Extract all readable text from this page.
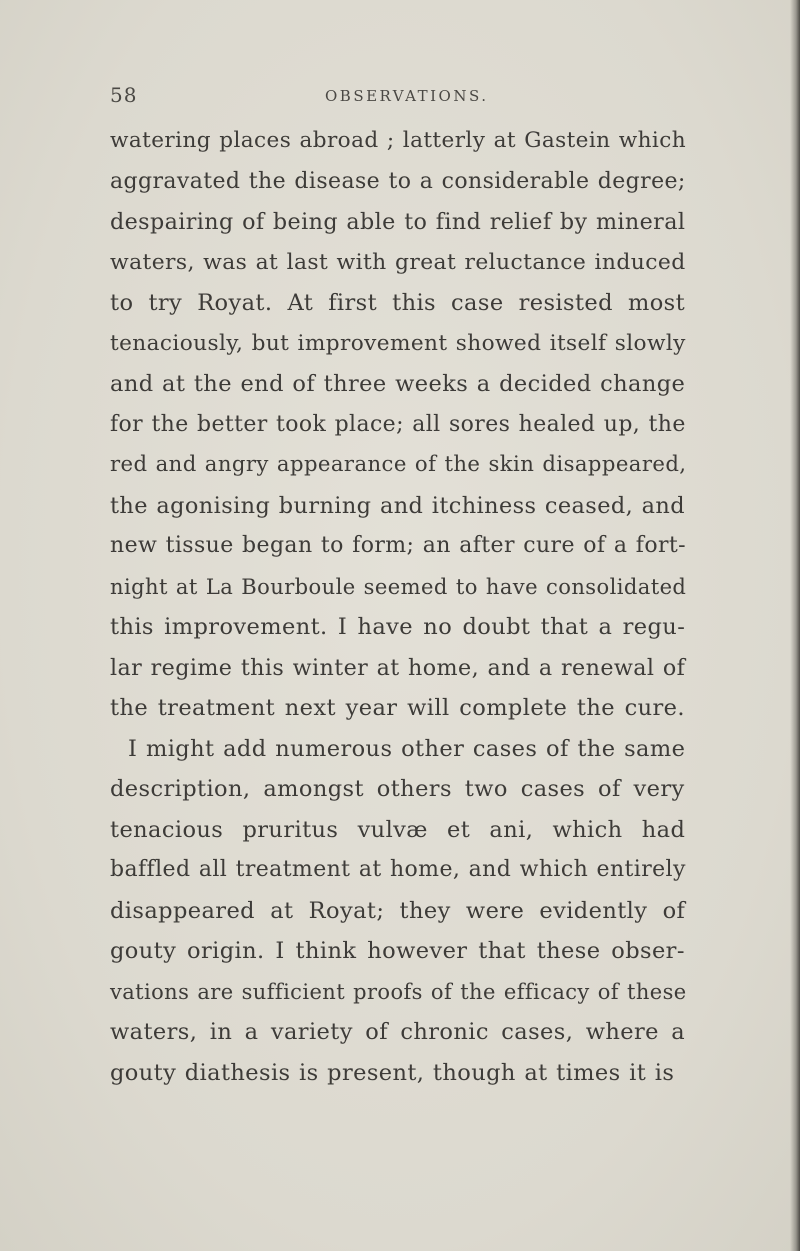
58	OBSERVATIONS.
watering places abroad ; latterly at Gastein which
aggravated the disease to a considerable degree;
despairing of being able to find relief by mineral
waters, was at last with great reluctance induced
to try Royat. At first this case resisted most
tenaciously, but improvement showed itself slowly
and at the end of three weeks a decided change
for the better took place; all sores healed up, the
red and angry appearance of the skin disappeared,
the agonising burning and itchiness ceased, and
new tissue began to form; an after cure of a fort-
night at La Bourboule seemed to have consolidated
this improvement. I have no doubt that a regu-
lar regime this winter at home, and a renewal of
the treatment next year will complete the cure.
I might add numerous other cases of the same
description, amongst others two cases of very
tenacious pruritus vulvæ et ani, which had
baffled all treatment at home, and which entirely
disappeared at Royat; they were evidently of
gouty origin. I think however that these obser-
vations are sufficient proofs of the efficacy of these
waters, in a variety of chronic cases, where a
gouty diathesis is present, though at times it is
